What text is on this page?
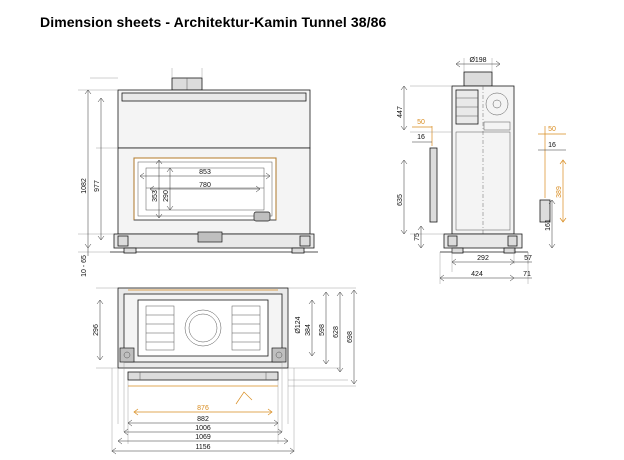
Dimension sheets - Architektur-Kamin Tunnel 38/86
1082 977
10 - 65
853
780
353 290
Ø198
447
635
50
16
50
16
389
161
75
292	57
424	71
296	Ø124 384 598 628 698
876
882
1006
1069
1156
